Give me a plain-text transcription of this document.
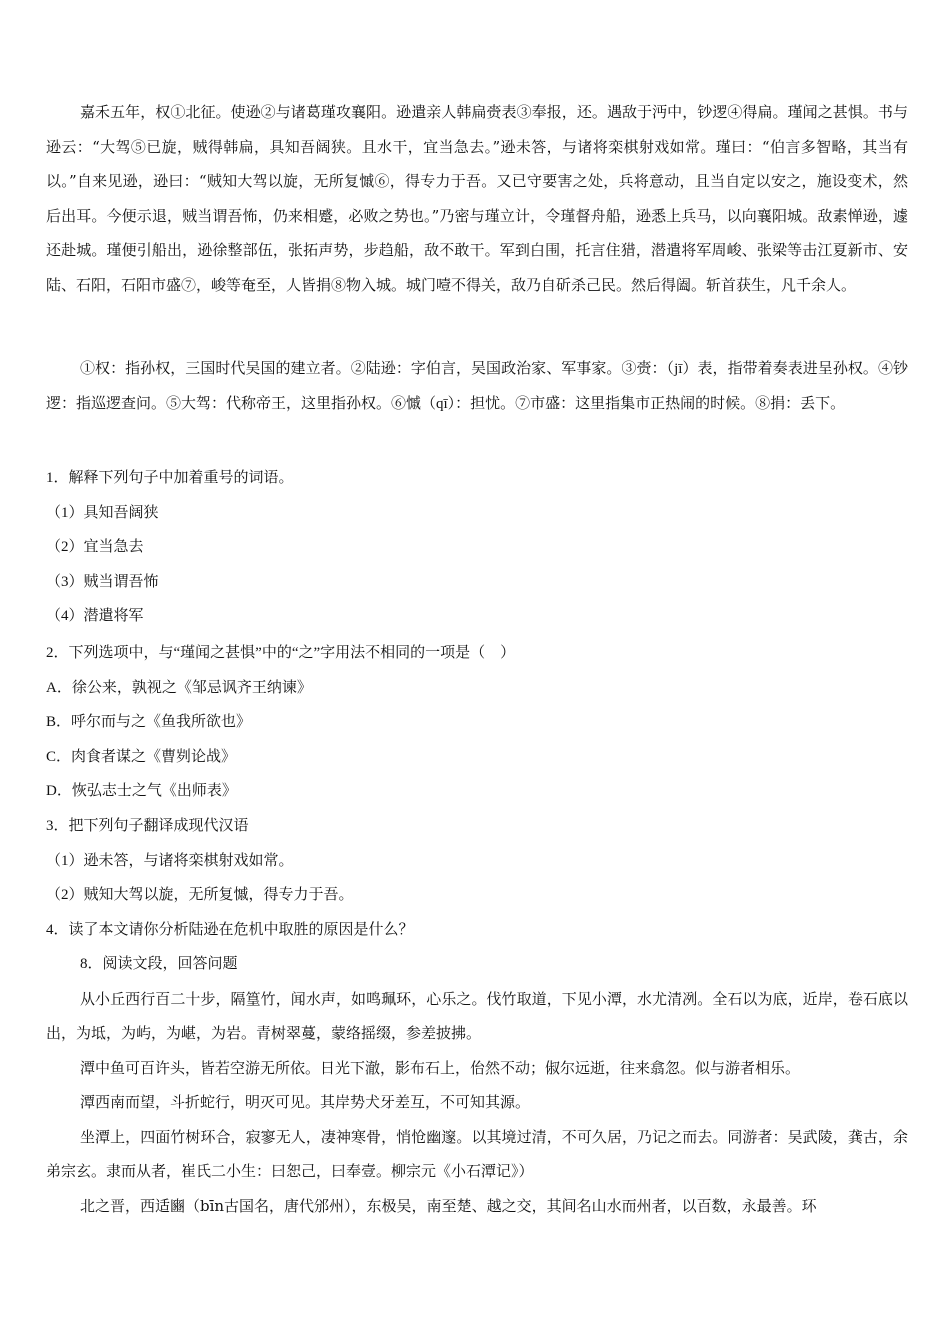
嘉禾五年，权①北征。使逊②与诸葛瑾攻襄阳。逊遣亲人韩扁赍表③奉报，还。遇敌于沔中，钞逻④得扁。瑾闻之甚惧。书与逊云：“大驾⑤已旋，贼得韩扁，具知吾阔狭。且水干，宜当急去。”逊未答，与诸将栾棋射戏如常。瑾曰：“伯言多智略，其当有以。”自来见逊，逊曰：“贼知大驾以旋，无所复慽⑥，得专力于吾。又已守要害之处，兵将意动，且当自定以安之，施设变术，然后出耳。今便示退，贼当谓吾怖，仍来相蹙，必败之势也。”乃密与瑾立计，令瑾督舟船，逊悉上兵马，以向襄阳城。敌素惮逊，遽还赴城。瑾便引船出，逊徐整部伍，张拓声势，步趋船，敌不敢干。军到白围，托言住猎，潜遣将军周峻、张梁等击江夏新市、安陆、石阳，石阳市盛⑦，峻等奄至，人皆捐⑧物入城。城门噎不得关，敌乃自斫杀己民。然后得阖。斩首获生，凡千余人。

①权：指孙权，三国时代吴国的建立者。②陆逊：字伯言，吴国政治家、军事家。③赍：（jī）表，指带着奏表进呈孙权。④钞逻：指巡逻查问。⑤大驾：代称帝王，这里指孙权。⑥慽（qī）：担忧。⑦市盛：这里指集市正热闹的时候。⑧捐：丢下。

1．解释下列句子中加着重号的词语。

（1）具知吾阔狭

（2）宜当急去

（3）贼当谓吾怖

（4）潜遣将军

2．下列选项中，与“瑾闻之甚惧”中的“之”字用法不相同的一项是（　）

A．徐公来，孰视之《邹忌讽齐王纳谏》

B．呼尔而与之《鱼我所欲也》

C．肉食者谋之《曹刿论战》

D．恢弘志士之气《出师表》

3．把下列句子翻译成现代汉语

（1）逊未答，与诸将栾棋射戏如常。

（2）贼知大驾以旋，无所复慽，得专力于吾。

4．读了本文请你分析陆逊在危机中取胜的原因是什么？

8．阅读文段，回答问题

从小丘西行百二十步，隔篁竹，闻水声，如鸣珮环，心乐之。伐竹取道，下见小潭，水尤清冽。全石以为底，近岸，卷石底以出，为坻，为屿，为嵁，为岩。青树翠蔓，蒙络摇缀，参差披拂。

潭中鱼可百许头，皆若空游无所依。日光下澈，影布石上，佁然不动；俶尔远逝，往来翕忽。似与游者相乐。

潭西南而望，斗折蛇行，明灭可见。其岸势犬牙差互，不可知其源。

坐潭上，四面竹树环合，寂寥无人，凄神寒骨，悄怆幽邃。以其境过清，不可久居，乃记之而去。同游者：吴武陵，龚古，余弟宗玄。隶而从者，崔氏二小生：曰恕己，曰奉壹。柳宗元《小石潭记》）

北之晋，西适豳（bīn古国名，唐代邠州），东极吴，南至楚、越之交，其间名山水而州者，以百数，永最善。环
